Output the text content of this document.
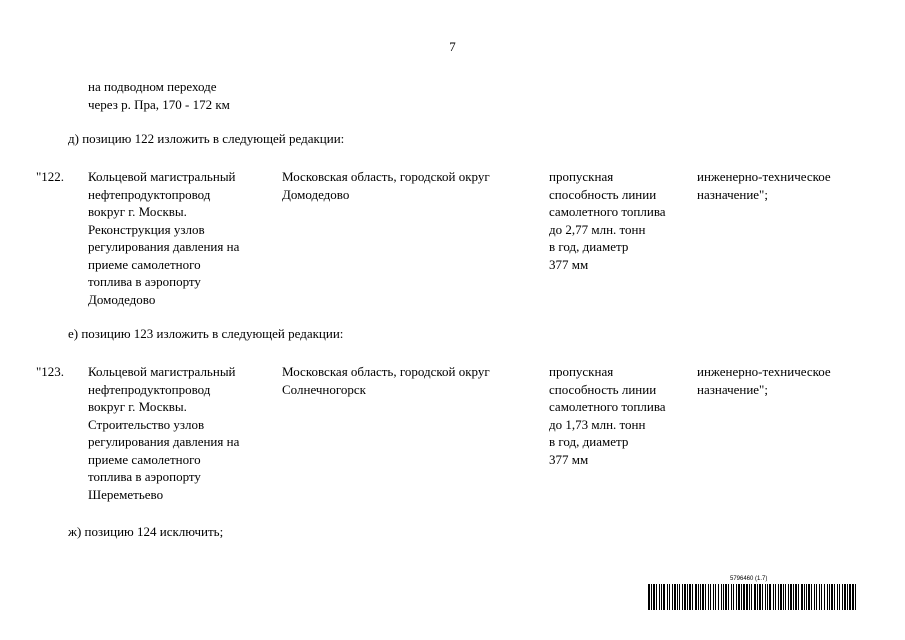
7
на подводном переходе
через р. Пра, 170 - 172 км
д) позицию 122 изложить в следующей редакции:
"122. Кольцевой магистральный
нефтепродуктопровод
вокруг г. Москвы.
Реконструкция узлов
регулирования давления на
приеме самолетного
топлива в аэропорту
Домодедово
Московская область, городской округ
Домодедово
пропускная
способность линии
самолетного топлива
до 2,77 млн. тонн
в год, диаметр
377 мм
инженерно-техническое
назначение";
е) позицию 123 изложить в следующей редакции:
"123. Кольцевой магистральный
нефтепродуктопровод
вокруг г. Москвы.
Строительство узлов
регулирования давления на
приеме самолетного
топлива в аэропорту
Шереметьево
Московская область, городской округ
Солнечногорск
пропускная
способность линии
самолетного топлива
до 1,73 млн. тонн
в год, диаметр
377 мм
инженерно-техническое
назначение";
ж) позицию 124 исключить;
5796460 (1.7)
